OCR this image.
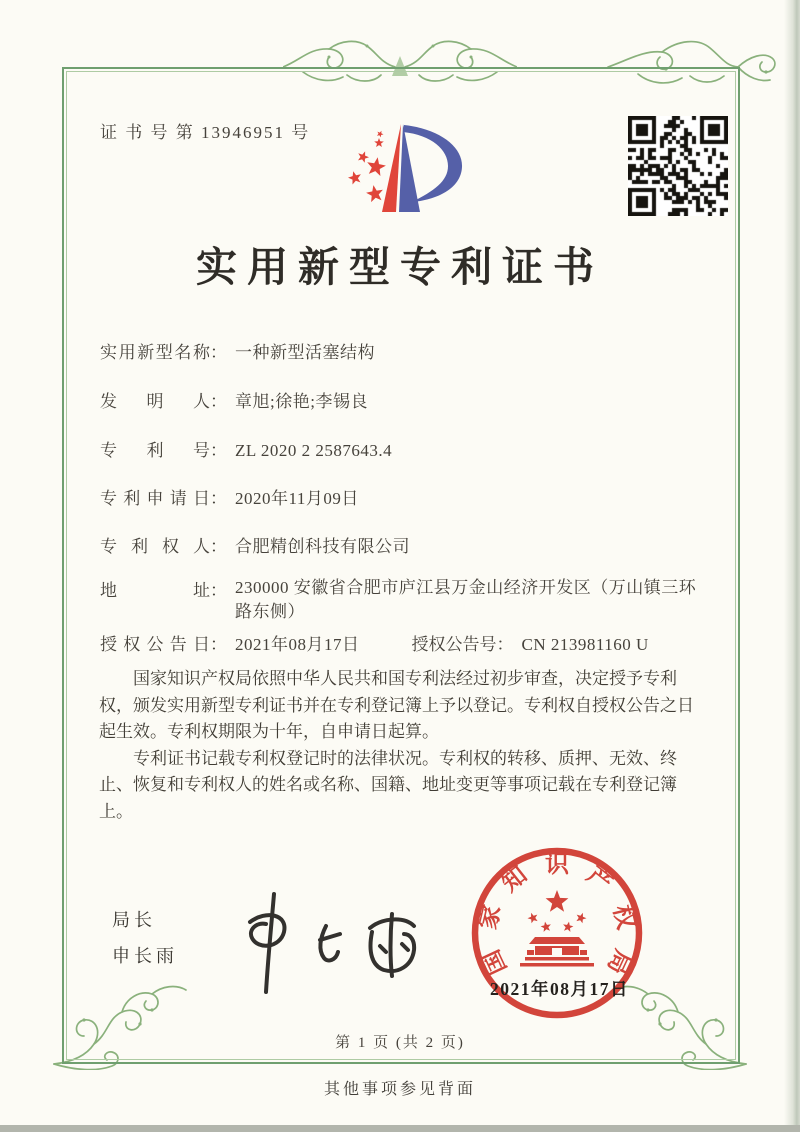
证 书 号 第 13946951 号
实用新型专利证书
实用新型名称： 一种新型活塞结构
发明人： 章旭;徐艳;李锡良
专利号： ZL 2020 2 2587643.4
专利申请日： 2020年11月09日
专利权人： 合肥精创科技有限公司
地址： 230000 安徽省合肥市庐江县万金山经济开发区（万山镇三环路东侧）
授权公告日： 2021年08月17日	授权公告号： CN 213981160 U

国家知识产权局依照中华人民共和国专利法经过初步审查，决定授予专利权，颁发实用新型专利证书并在专利登记簿上予以登记。专利权自授权公告之日起生效。专利权期限为十年，自申请日起算。

专利证书记载专利权登记时的法律状况。专利权的转移、质押、无效、终止、恢复和专利权人的姓名或名称、国籍、地址变更等事项记载在专利登记簿上。

局长
申长雨	国
家
知 识 产
权
局
2021年08月17日
第 1 页 (共 2 页)
其他事项参见背面
